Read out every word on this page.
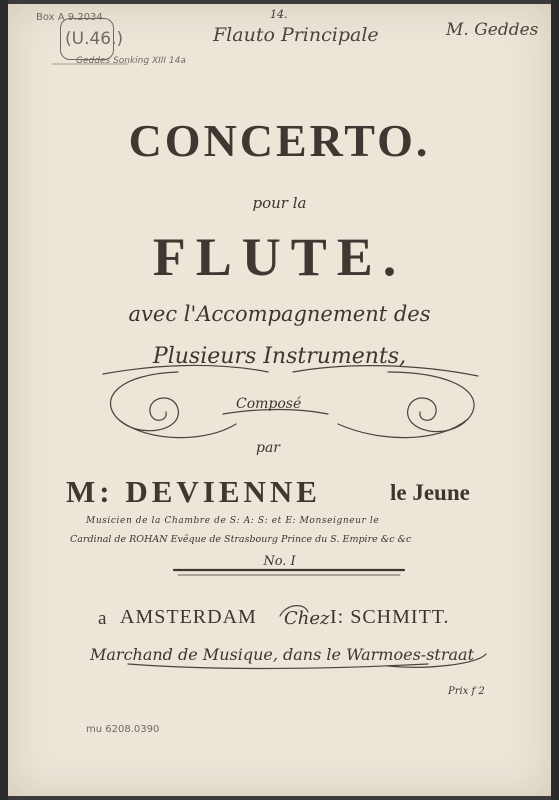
Box A 9.2034
(U.46.)
Geddes Sonking XIII 14a
14.
Flauto Principale	M. Geddes
mu 6208.0390
CONCERTO.
pour la
FLUTE.
avec l'Accompagnement des
Plusieurs Instruments,
Composé
par
M: DEVIENNE	le Jeune
Musicien de la Chambre de S: A: S: et E: Monseigneur le
Cardinal de ROHAN Evêque de Strasbourg Prince du S. Empire &c &c
No. I
a AMSTERDAM Chez I: SCHMITT.
Marchand de Musique, dans le Warmoes-straat
Prix f 2
